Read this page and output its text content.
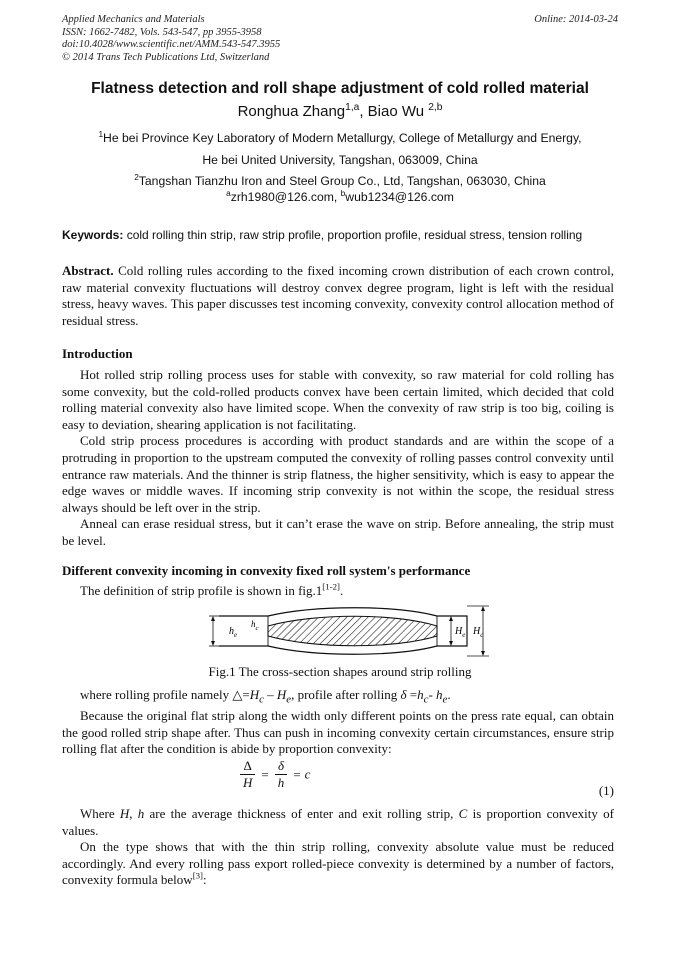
Applied Mechanics and Materials
ISSN: 1662-7482, Vols. 543-547, pp 3955-3958
doi:10.4028/www.scientific.net/AMM.543-547.3955
© 2014 Trans Tech Publications Ltd, Switzerland
Online: 2014-03-24
Flatness detection and roll shape adjustment of cold rolled material
Ronghua Zhang$^{1,a}$, Biao Wu $^{2,b}$
$^1$He bei Province Key Laboratory of Modern Metallurgy, College of Metallurgy and Energy,
He bei United University, Tangshan, 063009, China
$^2$Tangshan Tianzhu Iron and Steel Group Co., Ltd, Tangshan, 063030, China
$^a$zrh1980@126.com, $^b$wub1234@126.com
Keywords: cold rolling thin strip, raw strip profile, proportion profile, residual stress, tension rolling

Abstract. Cold rolling rules according to the fixed incoming crown distribution of each crown control, raw material convexity fluctuations will destroy convex degree program, light is left with the residual stress, heavy waves. This paper discusses test incoming convexity, convexity control allocation method of residual stress.

Introduction

Hot rolled strip rolling process uses for stable with convexity, so raw material for cold rolling has some convexity, but the cold-rolled products convex have been certain limited, which decided that cold rolling material convexity also have limited scope. When the convexity of raw strip is too big, coiling is easy to deviation, shearing application is not facilitating.

Cold strip process procedures is according with product standards and are within the scope of a protruding in proportion to the upstream computed the convexity of rolling passes control convexity until entrance raw materials. And the thinner is strip flatness, the higher sensitivity, which is easy to appear the edge waves or middle waves. If incoming strip convexity is not within the scope, the residual stress always should be left over in the strip.

Anneal can erase residual stress, but it can’t erase the wave on strip. Before annealing, the strip must be level.

Different convexity incoming in convexity fixed roll system's performance

The definition of strip profile is shown in fig.1[1-2].

$h_e$	$H_e$ $H_c$
$h_c$
Fig.1 The cross-section shapes around strip rolling

where rolling profile namely $\triangle=H_c - H_e$, profile after rolling $\delta =h_c-$ $h_e$.

Because the original flat strip along the width only different points on the press rate equal, can obtain the good rolled strip shape after. Thus can push in incoming convexity certain circumstances, ensure strip rolling flat after the condition is abide by proportion convexity:

$\frac{\Delta}{H} = \frac{\delta}{h} = c$
(1)

Where H, h are the average thickness of enter and exit rolling strip, C is proportion convexity of values.

On the type shows that with the thin strip rolling, convexity absolute value must be reduced accordingly. And every rolling pass export rolled-piece convexity is determined by a number of factors, convexity formula below[3]:
